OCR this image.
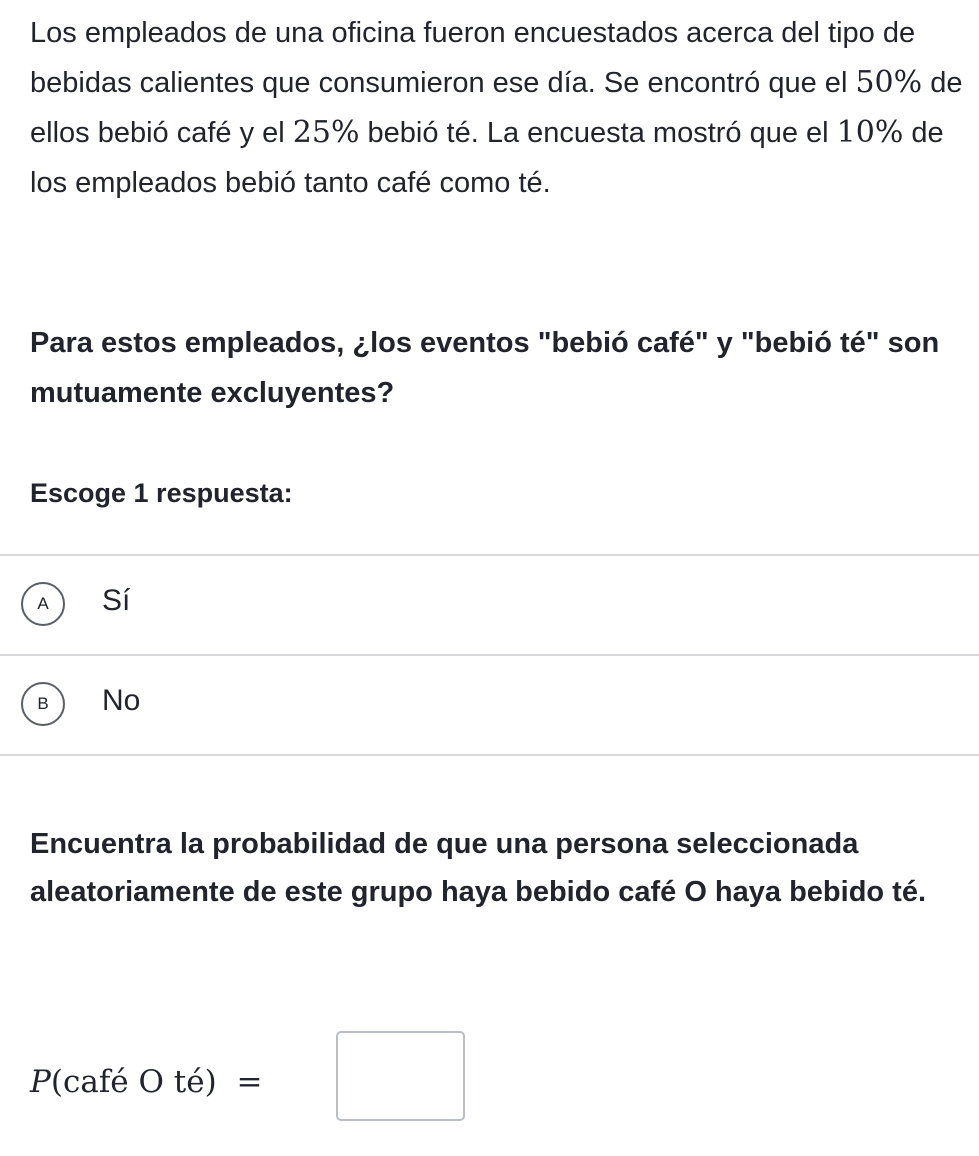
Los empleados de una oficina fueron encuestados acerca del tipo de bebidas calientes que consumieron ese día. Se encontró que el 50% de ellos bebió café y el 25% bebió té. La encuesta mostró que el 10% de los empleados bebió tanto café como té.
Para estos empleados, ¿los eventos "bebió café" y "bebió té" son mutuamente excluyentes?
Escoge 1 respuesta:
A	Sí
B	No
Encuentra la probabilidad de que una persona seleccionada aleatoriamente de este grupo haya bebido café O haya bebido té.
P(café O té) =
